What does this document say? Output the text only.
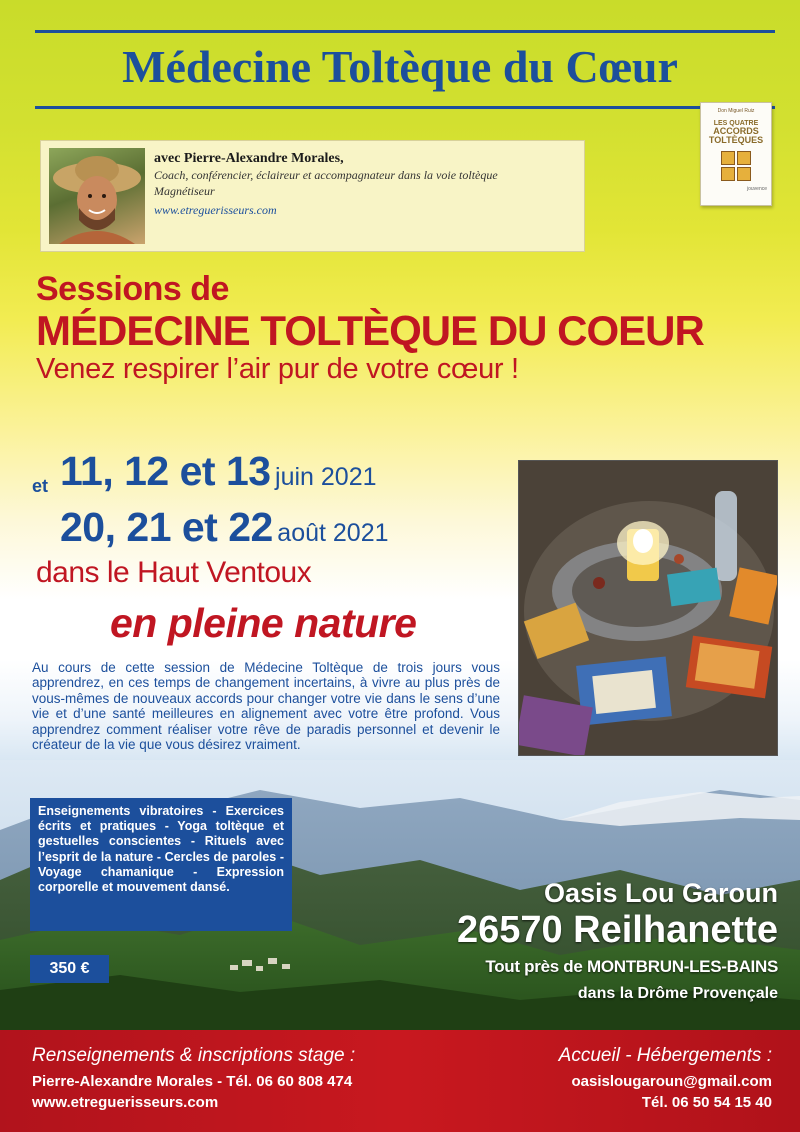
Médecine Toltèque du Cœur
avec Pierre-Alexandre Morales,
Coach, conférencier, éclaireur et accompagnateur dans la voie toltèque
Magnétiseur
www.etreguerisseurs.com
Don Miguel Ruiz
LES QUATRE
ACCORDS
TOLTÈQUES
jouvence
Sessions de
MÉDECINE TOLTÈQUE DU COEUR
Venez respirer l’air pur de votre cœur !
et 11, 12 et 13 juin 2021
20, 21 et 22 août 2021
dans le Haut Ventoux
en pleine nature
Au cours de cette session de Médecine Toltèque de trois jours vous apprendrez, en ces temps de changement incertains, à vivre au plus près de vous-mêmes de nouveaux accords pour changer votre vie dans le sens d’une vie et d’une santé meilleures en alignement avec votre être profond. Vous apprendrez comment réaliser votre rêve de paradis personnel et devenir le créateur de la vie que vous désirez vraiment.
Enseignements vibratoires - Exercices écrits et pratiques - Yoga toltèque et gestuelles conscientes - Rituels avec l’esprit de la nature - Cercles de paroles - Voyage chamanique - Expression corporelle et mouvement dansé.
350 €
Oasis Lou Garoun
26570 Reilhanette
Tout près de MONTBRUN-LES-BAINS
dans la Drôme Provençale
Renseignements & inscriptions stage :
Pierre-Alexandre Morales - Tél. 06 60 808 474
www.etreguerisseurs.com
Accueil - Hébergements :
oasislougaroun@gmail.com
Tél. 06 50 54 15 40
